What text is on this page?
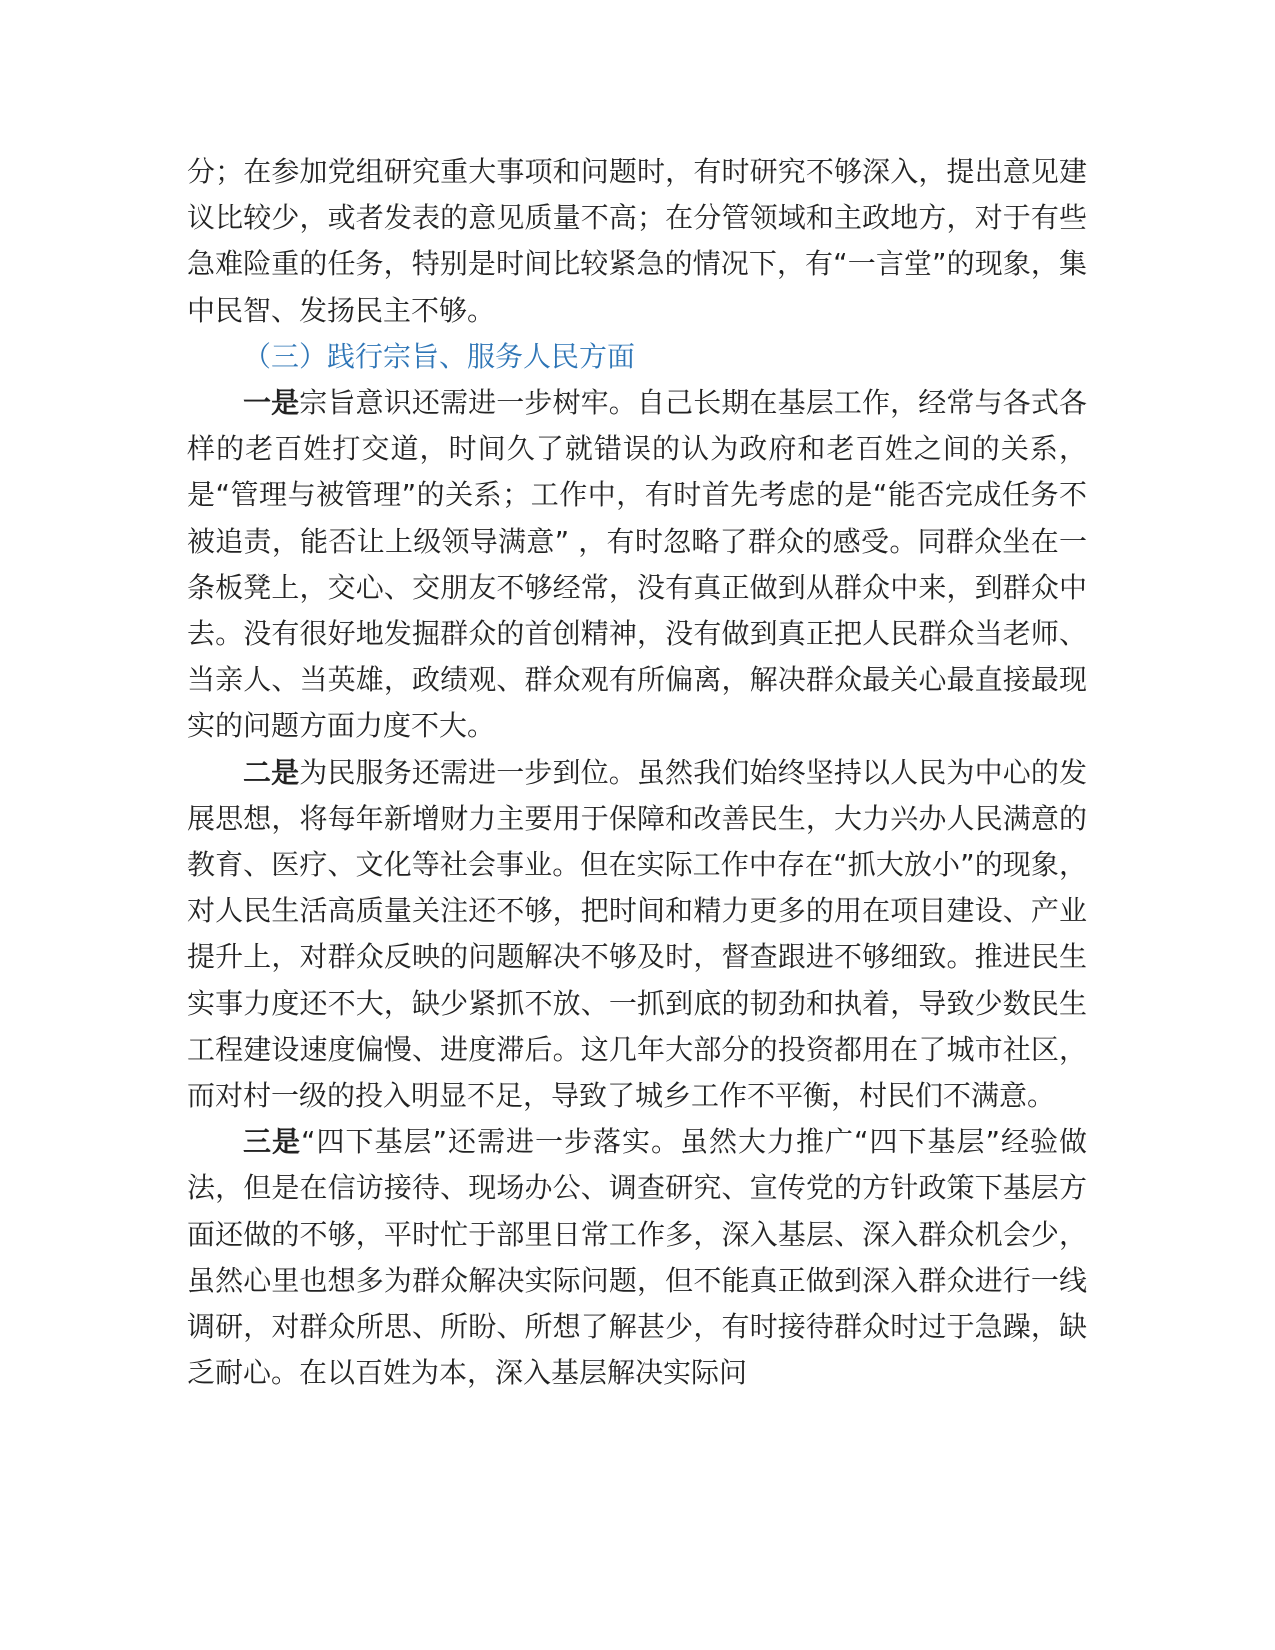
分；在参加党组研究重大事项和问题时，有时研究不够深入，提出意见建议比较少，或者发表的意见质量不高；在分管领域和主政地方，对于有些急难险重的任务，特别是时间比较紧急的情况下，有“一言堂”的现象，集中民智、发扬民主不够。

（三）践行宗旨、服务人民方面

一是宗旨意识还需进一步树牢。自己长期在基层工作，经常与各式各样的老百姓打交道，时间久了就错误的认为政府和老百姓之间的关系，是“管理与被管理”的关系；工作中，有时首先考虑的是“能否完成任务不被追责，能否让上级领导满意” ，有时忽略了群众的感受。同群众坐在一条板凳上，交心、交朋友不够经常，没有真正做到从群众中来，到群众中去。没有很好地发掘群众的首创精神，没有做到真正把人民群众当老师、当亲人、当英雄，政绩观、群众观有所偏离，解决群众最关心最直接最现实的问题方面力度不大。

二是为民服务还需进一步到位。虽然我们始终坚持以人民为中心的发展思想，将每年新增财力主要用于保障和改善民生，大力兴办人民满意的教育、医疗、文化等社会事业。但在实际工作中存在“抓大放小”的现象，对人民生活高质量关注还不够，把时间和精力更多的用在项目建设、产业提升上，对群众反映的问题解决不够及时，督查跟进不够细致。推进民生实事力度还不大，缺少紧抓不放、一抓到底的韧劲和执着，导致少数民生工程建设速度偏慢、进度滞后。这几年大部分的投资都用在了城市社区，而对村一级的投入明显不足，导致了城乡工作不平衡，村民们不满意。

三是“四下基层”还需进一步落实。虽然大力推广“四下基层”经验做法，但是在信访接待、现场办公、调查研究、宣传党的方针政策下基层方面还做的不够，平时忙于部里日常工作多，深入基层、深入群众机会少，虽然心里也想多为群众解决实际问题，但不能真正做到深入群众进行一线调研，对群众所思、所盼、所想了解甚少，有时接待群众时过于急躁，缺乏耐心。在以百姓为本，深入基层解决实际问
